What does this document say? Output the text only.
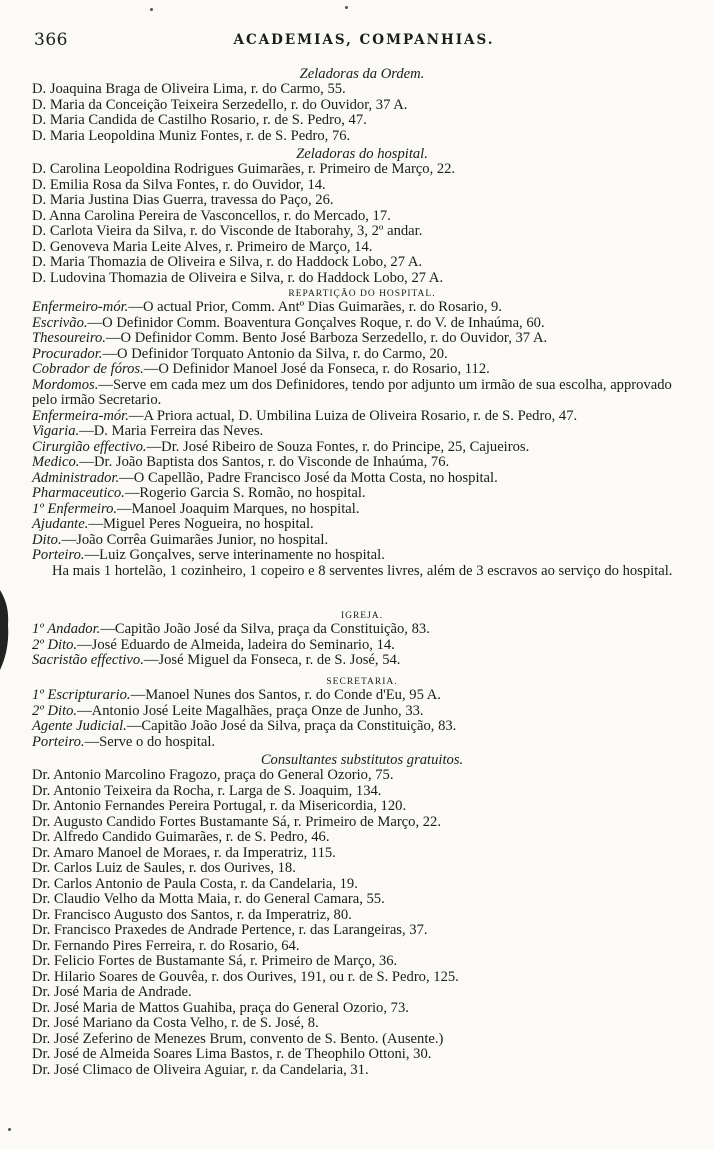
366	ACADEMIAS, COMPANHIAS.
Zeladoras da Ordem.
D. Joaquina Braga de Oliveira Lima, r. do Carmo, 55.
D. Maria da Conceição Teixeira Serzedello, r. do Ouvidor, 37 A.
D. Maria Candida de Castilho Rosario, r. de S. Pedro, 47.
D. Maria Leopoldina Muniz Fontes, r. de S. Pedro, 76.
Zeladoras do hospital.
D. Carolina Leopoldina Rodrigues Guimarães, r. Primeiro de Março, 22.
D. Emilia Rosa da Silva Fontes, r. do Ouvidor, 14.
D. Maria Justina Dias Guerra, travessa do Paço, 26.
D. Anna Carolina Pereira de Vasconcellos, r. do Mercado, 17.
D. Carlota Vieira da Silva, r. do Visconde de Itaborahy, 3, 2º andar.
D. Genoveva Maria Leite Alves, r. Primeiro de Março, 14.
D. Maria Thomazia de Oliveira e Silva, r. do Haddock Lobo, 27 A.
D. Ludovina Thomazia de Oliveira e Silva, r. do Haddock Lobo, 27 A.
REPARTIÇÃO DO HOSPITAL.
Enfermeiro-mór.—O actual Prior, Comm. Antº Dias Guimarães, r. do Rosario, 9.
Escrivão.—O Definidor Comm. Boaventura Gonçalves Roque, r. do V. de Inhaúma, 60.
Thesoureiro.—O Definidor Comm. Bento José Barboza Serzedello, r. do Ouvidor, 37 A.
Procurador.—O Definidor Torquato Antonio da Silva, r. do Carmo, 20.
Cobrador de fóros.—O Definidor Manoel José da Fonseca, r. do Rosario, 112.
Mordomos.—Serve em cada mez um dos Definidores, tendo por adjunto um irmão de sua escolha, approvado pelo irmão Secretario.
Enfermeira-mór.—A Priora actual, D. Umbilina Luiza de Oliveira Rosario, r. de S. Pedro, 47.
Vigaria.—D. Maria Ferreira das Neves.
Cirurgião effectivo.—Dr. José Ribeiro de Souza Fontes, r. do Principe, 25, Cajueiros.
Medico.—Dr. João Baptista dos Santos, r. do Visconde de Inhaúma, 76.
Administrador.—O Capellão, Padre Francisco José da Motta Costa, no hospital.
Pharmaceutico.—Rogerio Garcia S. Romão, no hospital.
1º Enfermeiro.—Manoel Joaquim Marques, no hospital.
Ajudante.—Miguel Peres Nogueira, no hospital.
Dito.—João Corrêa Guimarães Junior, no hospital.
Porteiro.—Luiz Gonçalves, serve interinamente no hospital.
Ha mais 1 hortelão, 1 cozinheiro, 1 copeiro e 8 serventes livres, além de 3 escravos ao serviço do hospital.
IGREJA.
1º Andador.—Capitão João José da Silva, praça da Constituição, 83.
2º Dito.—José Eduardo de Almeida, ladeira do Seminario, 14.
Sacristão effectivo.—José Miguel da Fonseca, r. de S. José, 54.
SECRETARIA.
1º Escripturario.—Manoel Nunes dos Santos, r. do Conde d'Eu, 95 A.
2º Dito.—Antonio José Leite Magalhães, praça Onze de Junho, 33.
Agente Judicial.—Capitão João José da Silva, praça da Constituição, 83.
Porteiro.—Serve o do hospital.
Consultantes substitutos gratuitos.
Dr. Antonio Marcolino Fragozo, praça do General Ozorio, 75.
Dr. Antonio Teixeira da Rocha, r. Larga de S. Joaquim, 134.
Dr. Antonio Fernandes Pereira Portugal, r. da Misericordia, 120.
Dr. Augusto Candido Fortes Bustamante Sá, r. Primeiro de Março, 22.
Dr. Alfredo Candido Guimarães, r. de S. Pedro, 46.
Dr. Amaro Manoel de Moraes, r. da Imperatriz, 115.
Dr. Carlos Luiz de Saules, r. dos Ourives, 18.
Dr. Carlos Antonio de Paula Costa, r. da Candelaria, 19.
Dr. Claudio Velho da Motta Maia, r. do General Camara, 55.
Dr. Francisco Augusto dos Santos, r. da Imperatriz, 80.
Dr. Francisco Praxedes de Andrade Pertence, r. das Larangeiras, 37.
Dr. Fernando Pires Ferreira, r. do Rosario, 64.
Dr. Felicio Fortes de Bustamante Sá, r. Primeiro de Março, 36.
Dr. Hilario Soares de Gouvêa, r. dos Ourives, 191, ou r. de S. Pedro, 125.
Dr. José Maria de Andrade.
Dr. José Maria de Mattos Guahiba, praça do General Ozorio, 73.
Dr. José Mariano da Costa Velho, r. de S. José, 8.
Dr. José Zeferino de Menezes Brum, convento de S. Bento. (Ausente.)
Dr. José de Almeida Soares Lima Bastos, r. de Theophilo Ottoni, 30.
Dr. José Climaco de Oliveira Aguiar, r. da Candelaria, 31.
